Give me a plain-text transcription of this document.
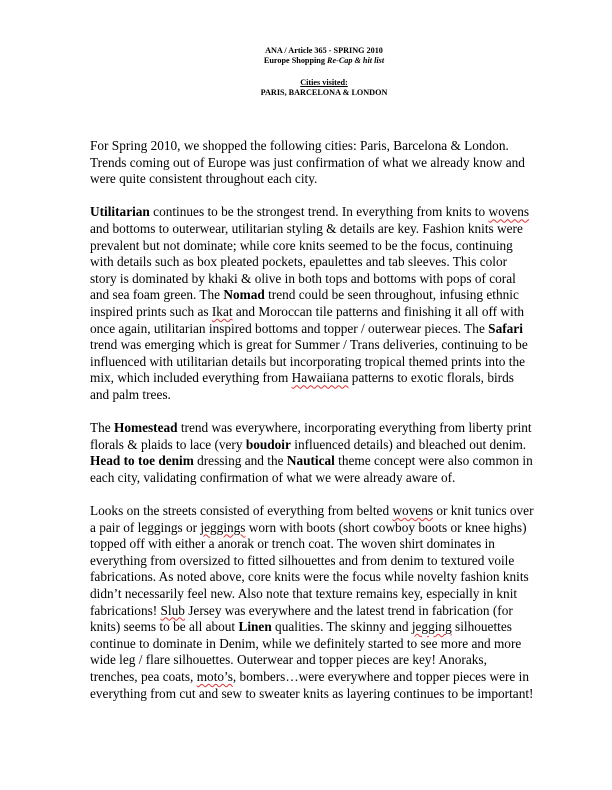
ANA / Article 365 - SPRING 2010
Europe Shopping Re-Cap & hit list
Cities visited:
PARIS, BARCELONA & LONDON
For Spring 2010, we shopped the following cities: Paris, Barcelona & London.
Trends coming out of Europe was just confirmation of what we already know and
were quite consistent throughout each city.
Utilitarian continues to be the strongest trend. In everything from knits to wovens
and bottoms to outerwear, utilitarian styling & details are key. Fashion knits were
prevalent but not dominate; while core knits seemed to be the focus, continuing
with details such as box pleated pockets, epaulettes and tab sleeves. This color
story is dominated by khaki & olive in both tops and bottoms with pops of coral
and sea foam green. The Nomad trend could be seen throughout, infusing ethnic
inspired prints such as Ikat and Moroccan tile patterns and finishing it all off with
once again, utilitarian inspired bottoms and topper / outerwear pieces. The Safari
trend was emerging which is great for Summer / Trans deliveries, continuing to be
influenced with utilitarian details but incorporating tropical themed prints into the
mix, which included everything from Hawaiiana patterns to exotic florals, birds
and palm trees.
The Homestead trend was everywhere, incorporating everything from liberty print
florals & plaids to lace (very boudoir influenced details) and bleached out denim.
Head to toe denim dressing and the Nautical theme concept were also common in
each city, validating confirmation of what we were already aware of.
Looks on the streets consisted of everything from belted wovens or knit tunics over
a pair of leggings or jeggings worn with boots (short cowboy boots or knee highs)
topped off with either a anorak or trench coat. The woven shirt dominates in
everything from oversized to fitted silhouettes and from denim to textured voile
fabrications. As noted above, core knits were the focus while novelty fashion knits
didn’t necessarily feel new. Also note that texture remains key, especially in knit
fabrications! Slub Jersey was everywhere and the latest trend in fabrication (for
knits) seems to be all about Linen qualities. The skinny and jegging silhouettes
continue to dominate in Denim, while we definitely started to see more and more
wide leg / flare silhouettes. Outerwear and topper pieces are key! Anoraks,
trenches, pea coats, moto’s, bombers…were everywhere and topper pieces were in
everything from cut and sew to sweater knits as layering continues to be important!
